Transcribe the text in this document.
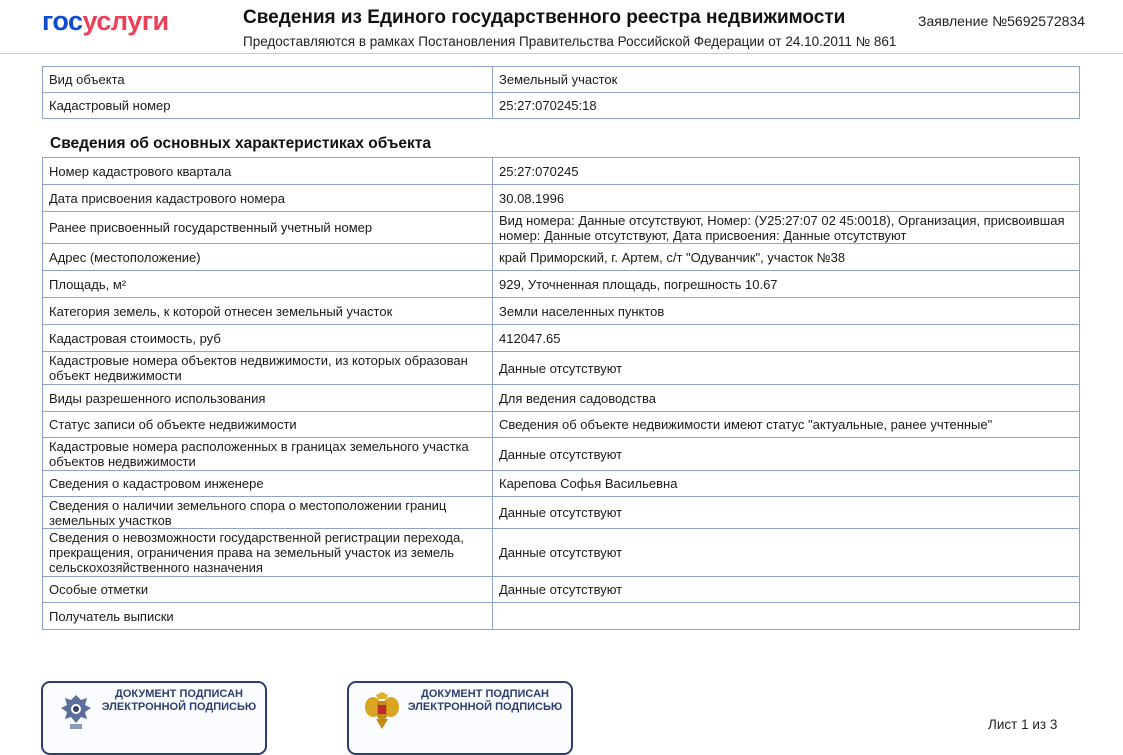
госуслуги	Сведения из Единого государственного реестра недвижимости
Предоставляются в рамках Постановления Правительства Российской Федерации от 24.10.2011 № 861
Заявление №5692572834
Вид объекта	Земельный участок
Кадастровый номер	25:27:070245:18
Сведения об основных характеристиках объекта
Номер кадастрового квартала	25:27:070245
Дата присвоения кадастрового номера	30.08.1996
Ранее присвоенный государственный учетный номер	Вид номера: Данные отсутствуют, Номер: (У25:27:07 02 45:0018), Организация, присвоившая номер: Данные отсутствуют, Дата присвоения: Данные отсутствуют
Адрес (местоположение)	край Приморский, г. Артем, с/т "Одуванчик", участок №38
Площадь, м²	929, Уточненная площадь, погрешность 10.67
Категория земель, к которой отнесен земельный участок	Земли населенных пунктов
Кадастровая стоимость, руб	412047.65
Кадастровые номера объектов недвижимости, из которых образован объект недвижимости	Данные отсутствуют
Виды разрешенного использования	Для ведения садоводства
Статус записи об объекте недвижимости	Сведения об объекте недвижимости имеют статус "актуальные, ранее учтенные"
Кадастровые номера расположенных в границах земельного участка объектов недвижимости	Данные отсутствуют
Сведения о кадастровом инженере	Карепова Софья Васильевна
Сведения о наличии земельного спора о местоположении границ земельных участков	Данные отсутствуют
Сведения о невозможности государственной регистрации перехода, прекращения, ограничения права на земельный участок из земель сельскохозяйственного назначения	Данные отсутствуют
Особые отметки	Данные отсутствуют
Получатель выписки	
ДОКУМЕНТ ПОДПИСАН ЭЛЕКТРОННОЙ ПОДПИСЬЮ
ДОКУМЕНТ ПОДПИСАН ЭЛЕКТРОННОЙ ПОДПИСЬЮ
Лист 1 из 3
